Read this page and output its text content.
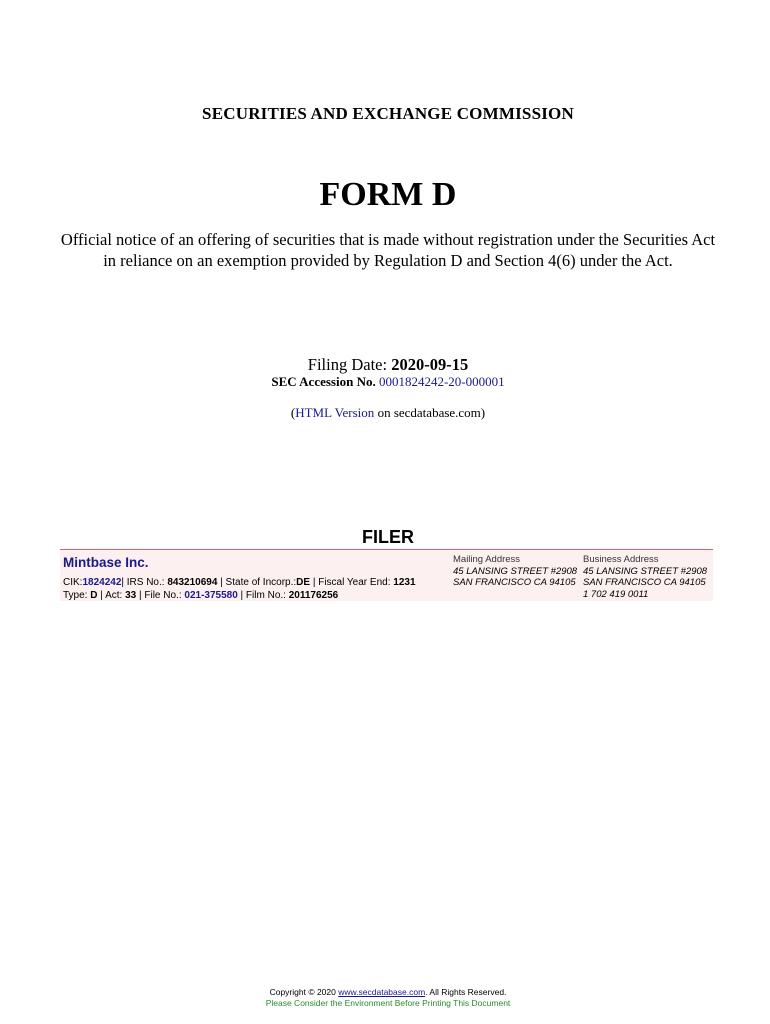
SECURITIES AND EXCHANGE COMMISSION
FORM D
Official notice of an offering of securities that is made without registration under the Securities Act in reliance on an exemption provided by Regulation D and Section 4(6) under the Act.
Filing Date: 2020-09-15
SEC Accession No. 0001824242-20-000001
(HTML Version on secdatabase.com)
FILER
Mintbase Inc.
CIK:1824242| IRS No.: 843210694 | State of Incorp.:DE | Fiscal Year End: 1231
Type: D | Act: 33 | File No.: 021-375580 | Film No.: 201176256
Mailing Address
45 LANSING STREET #2908
SAN FRANCISCO CA 94105
Business Address
45 LANSING STREET #2908
SAN FRANCISCO CA 94105
1 702 419 0011
Copyright © 2020 www.secdatabase.com. All Rights Reserved.
Please Consider the Environment Before Printing This Document
